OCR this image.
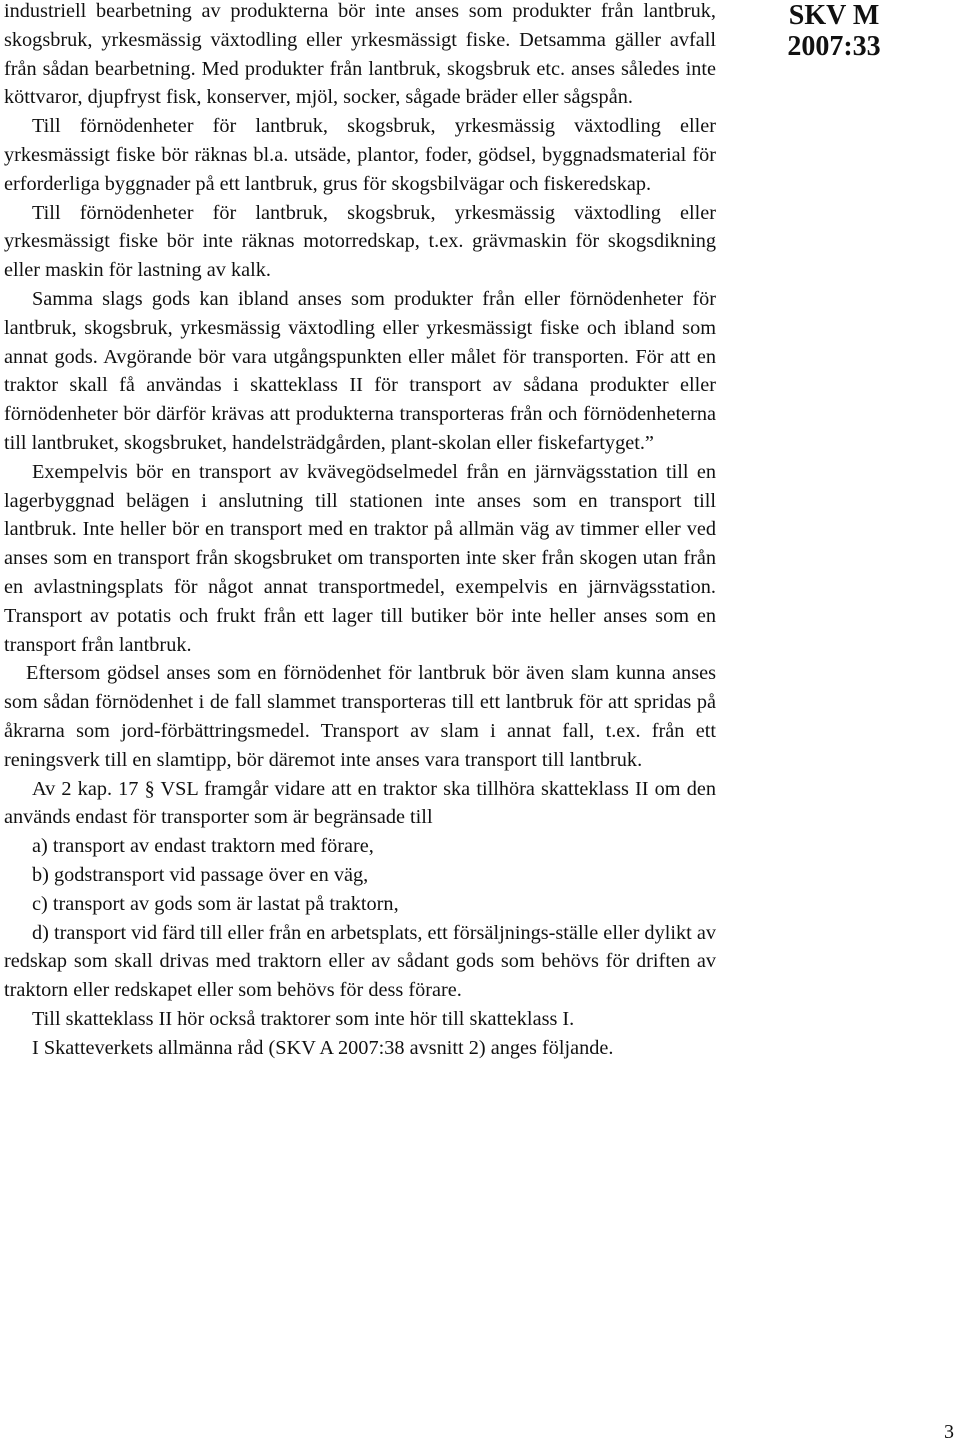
SKV M
2007:33

industriell bearbetning av produkterna bör inte anses som produkter från lantbruk, skogsbruk, yrkesmässig växtodling eller yrkesmässigt fiske. Detsamma gäller avfall från sådan bearbetning. Med produkter från lantbruk, skogsbruk etc. anses således inte köttvaror, djupfryst fisk, konserver, mjöl, socker, sågade bräder eller sågspån.

Till förnödenheter för lantbruk, skogsbruk, yrkesmässig växtodling eller yrkesmässigt fiske bör räknas bl.a. utsäde, plantor, foder, gödsel, byggnadsmaterial för erforderliga byggnader på ett lantbruk, grus för skogsbilvägar och fiskeredskap.

Till förnödenheter för lantbruk, skogsbruk, yrkesmässig växtodling eller yrkesmässigt fiske bör inte räknas motorredskap, t.ex. grävmaskin för skogsdikning eller maskin för lastning av kalk.

Samma slags gods kan ibland anses som produkter från eller förnödenheter för lantbruk, skogsbruk, yrkesmässig växtodling eller yrkesmässigt fiske och ibland som annat gods. Avgörande bör vara utgångspunkten eller målet för transporten. För att en traktor skall få användas i skatteklass II för transport av sådana produkter eller förnödenheter bör därför krävas att produkterna transporteras från och förnödenheterna till lantbruket, skogsbruket, handelsträdgården, plant-skolan eller fiskefartyget.”

Exempelvis bör en transport av kvävegödselmedel från en järnvägsstation till en lagerbyggnad belägen i anslutning till stationen inte anses som en transport till lantbruk. Inte heller bör en transport med en traktor på allmän väg av timmer eller ved anses som en transport från skogsbruket om transporten inte sker från skogen utan från en avlastningsplats för något annat transportmedel, exempelvis en järnvägsstation. Transport av potatis och frukt från ett lager till butiker bör inte heller anses som en transport från lantbruk.

Eftersom gödsel anses som en förnödenhet för lantbruk bör även slam kunna anses som sådan förnödenhet i de fall slammet transporteras till ett lantbruk för att spridas på åkrarna som jord-förbättringsmedel. Transport av slam i annat fall, t.ex. från ett reningsverk till en slamtipp, bör däremot inte anses vara transport till lantbruk.

Av 2 kap. 17 § VSL framgår vidare att en traktor ska tillhöra skatteklass II om den används endast för transporter som är begränsade till

a) transport av endast traktorn med förare,

b) godstransport vid passage över en väg,

c) transport av gods som är lastat på traktorn,

d) transport vid färd till eller från en arbetsplats, ett försäljnings-ställe eller dylikt av redskap som skall drivas med traktorn eller av sådant gods som behövs för driften av traktorn eller redskapet eller som behövs för dess förare.

Till skatteklass II hör också traktorer som inte hör till skatteklass I.

I Skatteverkets allmänna råd (SKV A 2007:38 avsnitt 2) anges följande.

3
